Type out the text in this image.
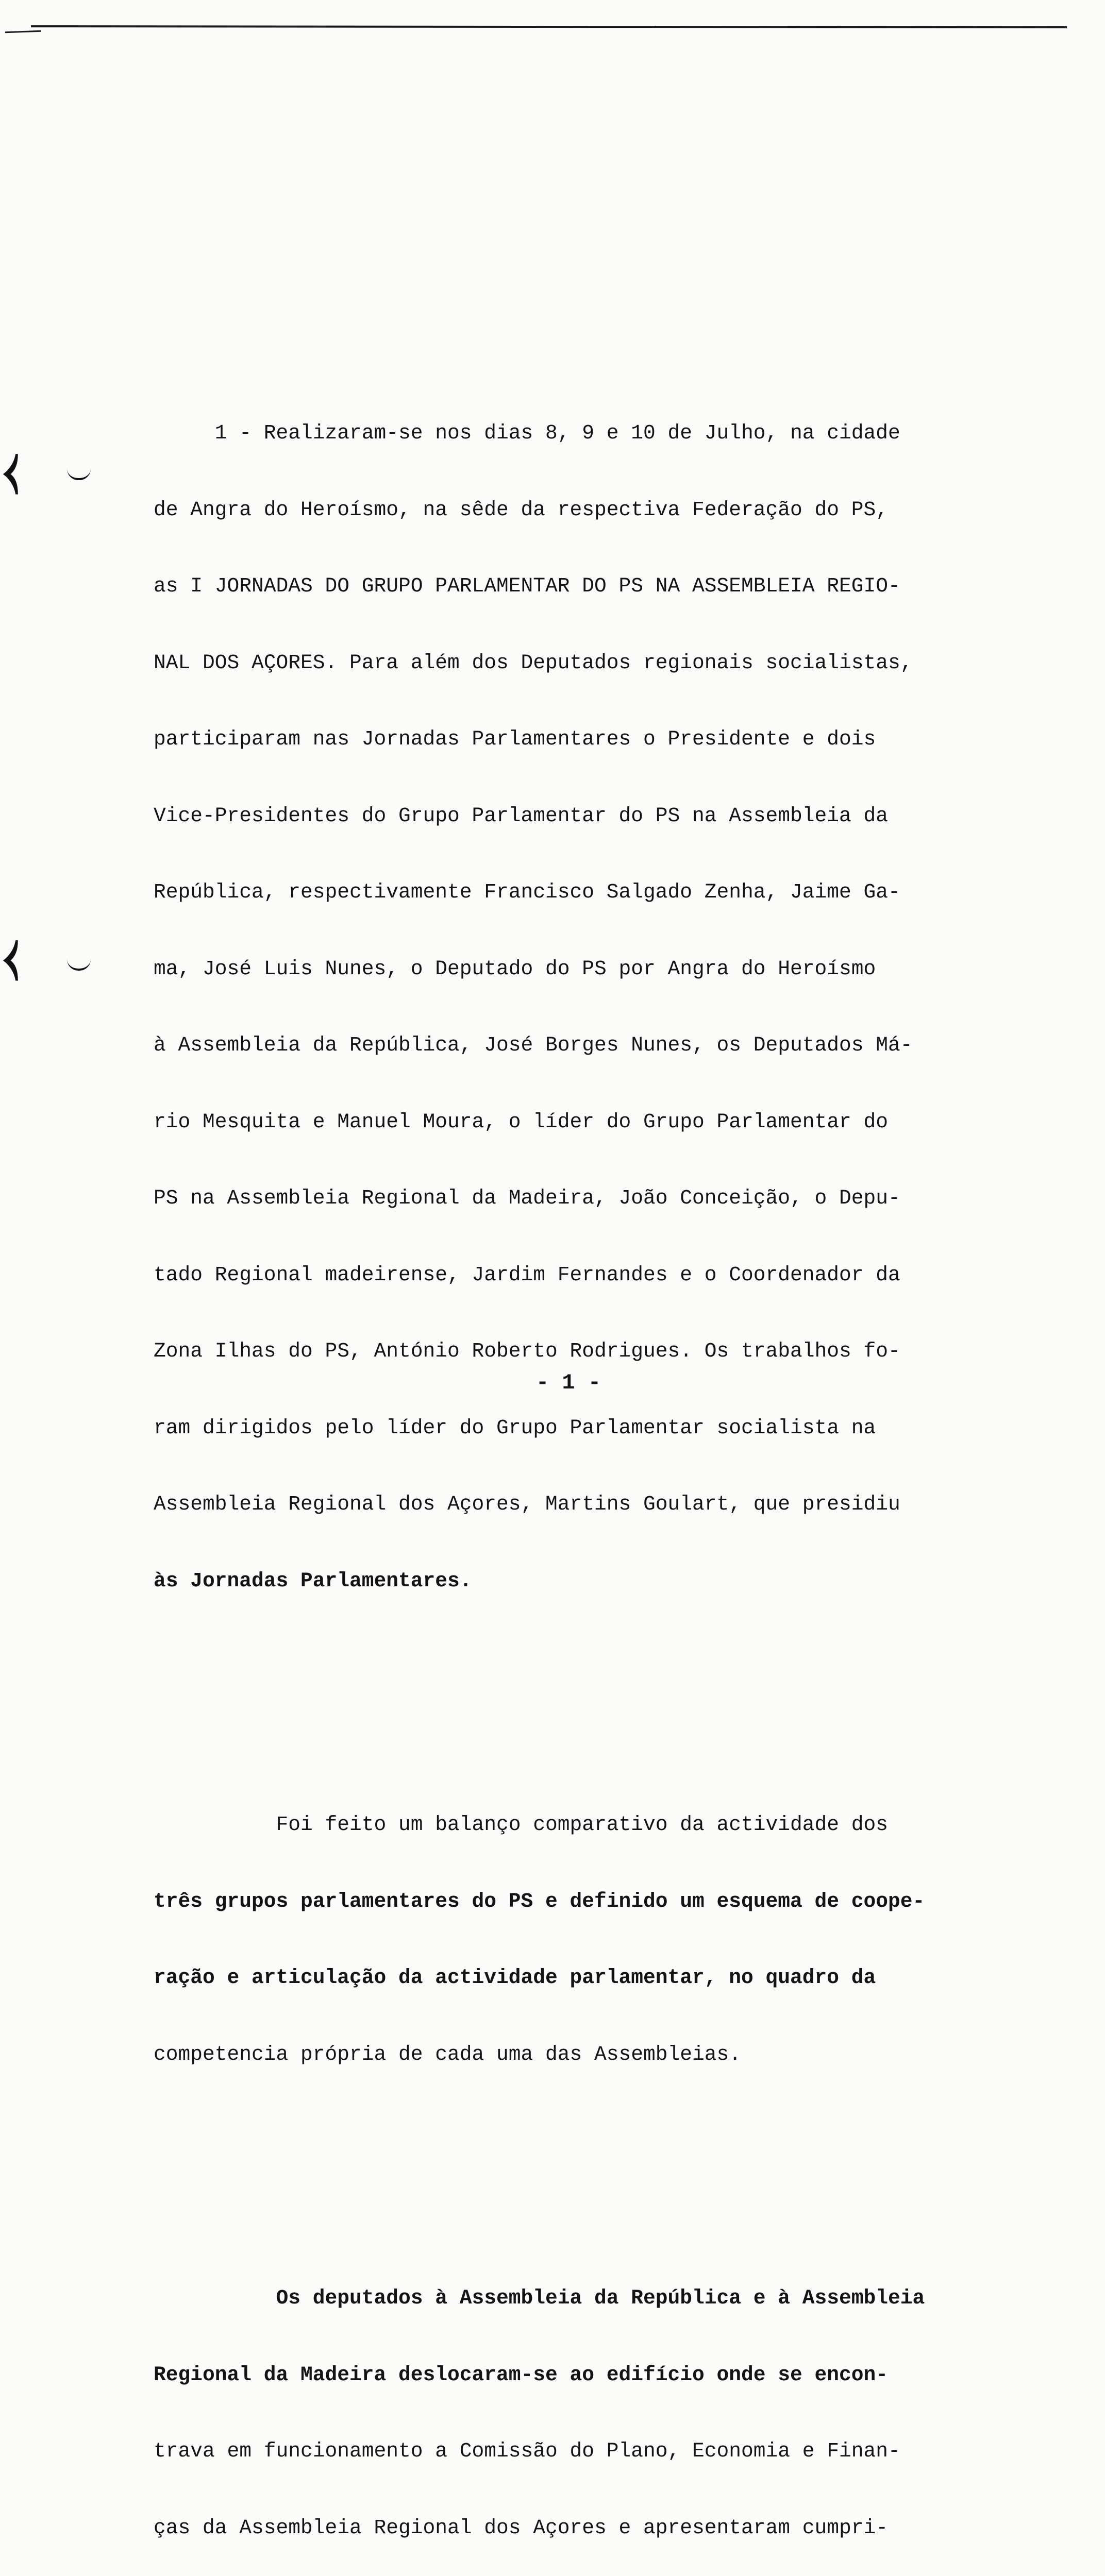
⧼
⧼

1 - Realizaram-se nos dias 8, 9 e 10 de Julho, na cidade

de Angra do Heroísmo, na sêde da respectiva Federação do PS,

as I JORNADAS DO GRUPO PARLAMENTAR DO PS NA ASSEMBLEIA REGIO-

NAL DOS AÇORES. Para além dos Deputados regionais socialistas,

participaram nas Jornadas Parlamentares o Presidente e dois

Vice-Presidentes do Grupo Parlamentar do PS na Assembleia da

República, respectivamente Francisco Salgado Zenha, Jaime Ga-

ma, José Luis Nunes, o Deputado do PS por Angra do Heroísmo

à Assembleia da República, José Borges Nunes, os Deputados Má-

rio Mesquita e Manuel Moura, o líder do Grupo Parlamentar do

PS na Assembleia Regional da Madeira, João Conceição, o Depu-

tado Regional madeirense, Jardim Fernandes e o Coordenador da

Zona Ilhas do PS, António Roberto Rodrigues. Os trabalhos fo-

ram dirigidos pelo líder do Grupo Parlamentar socialista na

Assembleia Regional dos Açores, Martins Goulart, que presidiu

às Jornadas Parlamentares.

Foi feito um balanço comparativo da actividade dos

três grupos parlamentares do PS e definido um esquema de coope-

ração e articulação da actividade parlamentar, no quadro da

competencia própria de cada uma das Assembleias.

Os deputados à Assembleia da República e à Assembleia

Regional da Madeira deslocaram-se ao edifício onde se encon-

trava em funcionamento a Comissão do Plano, Economia e Finan-

ças da Assembleia Regional dos Açores e apresentaram cumpri-

- 1 -
